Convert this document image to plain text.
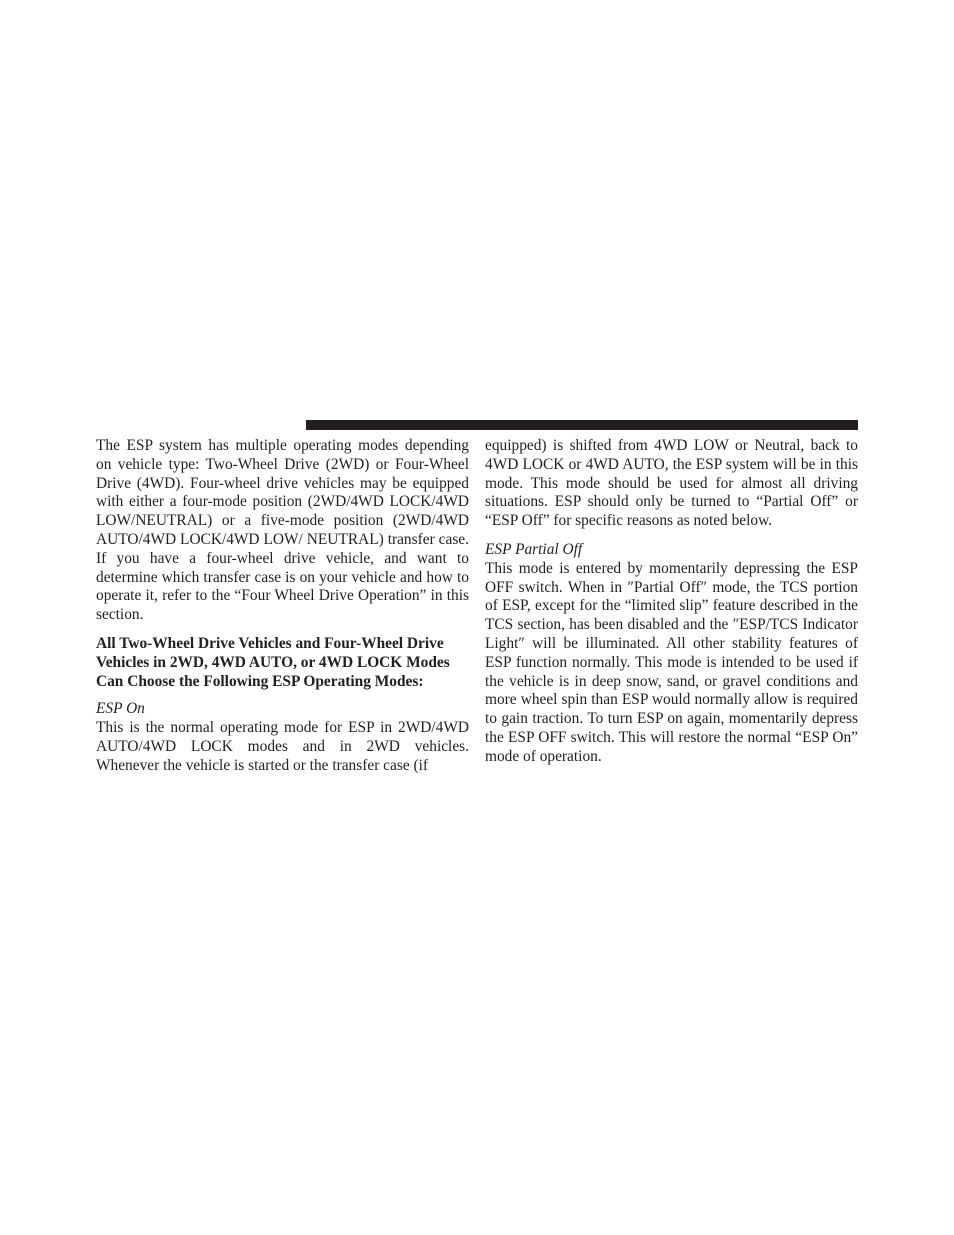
The ESP system has multiple operating modes depending on vehicle type: Two-Wheel Drive (2WD) or Four-Wheel Drive (4WD). Four-wheel drive vehicles may be equipped with either a four-mode position (2WD/4WD LOCK/4WD LOW/NEUTRAL) or a five-mode position (2WD/4WD AUTO/4WD LOCK/4WD LOW/ NEUTRAL) transfer case. If you have a four-wheel drive vehicle, and want to determine which transfer case is on your vehicle and how to operate it, refer to the “Four Wheel Drive Operation” in this section.

All Two-Wheel Drive Vehicles and Four-Wheel Drive Vehicles in 2WD, 4WD AUTO, or 4WD LOCK Modes Can Choose the Following ESP Operating Modes:
ESP On

This is the normal operating mode for ESP in 2WD/4WD AUTO/4WD LOCK modes and in 2WD vehicles. Whenever the vehicle is started or the transfer case (if

equipped) is shifted from 4WD LOW or Neutral, back to 4WD LOCK or 4WD AUTO, the ESP system will be in this mode. This mode should be used for almost all driving situations. ESP should only be turned to “Partial Off” or “ESP Off” for specific reasons as noted below.

ESP Partial Off

This mode is entered by momentarily depressing the ESP OFF switch. When in ″Partial Off″ mode, the TCS portion of ESP, except for the “limited slip” feature described in the TCS section, has been disabled and the ″ESP/TCS Indicator Light″ will be illuminated. All other stability features of ESP function normally. This mode is intended to be used if the vehicle is in deep snow, sand, or gravel conditions and more wheel spin than ESP would normally allow is required to gain traction. To turn ESP on again, momentarily depress the ESP OFF switch. This will restore the normal “ESP On” mode of operation.
